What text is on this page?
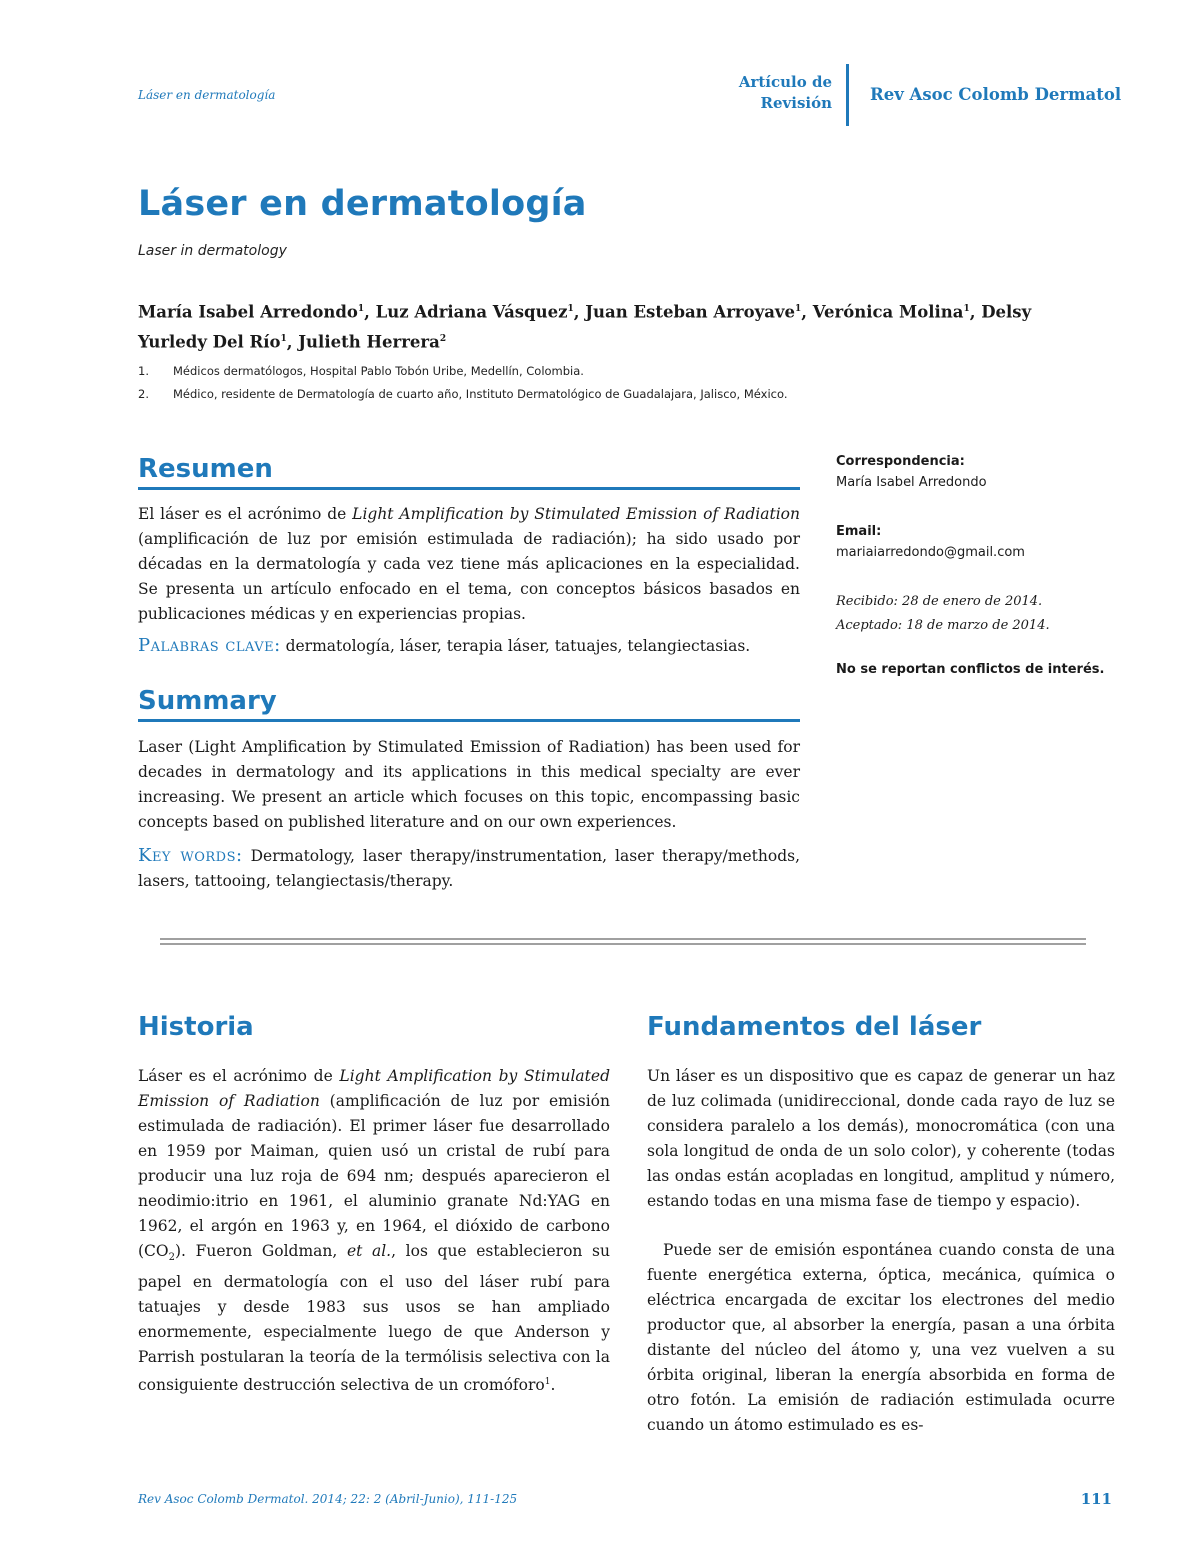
Láser en dermatología
Artículo de
Revisión Rev Asoc Colomb Dermatol
Láser en dermatología
Laser in dermatology
María Isabel Arredondo$^1$, Luz Adriana Vásquez$^1$, Juan Esteban Arroyave$^1$, Verónica Molina$^1$, Delsy Yurledy Del Río$^1$, Julieth Herrera$^2$
1.	Médicos dermatólogos, Hospital Pablo Tobón Uribe, Medellín, Colombia.
2.	Médico, residente de Dermatología de cuarto año, Instituto Dermatológico de Guadalajara, Jalisco, México.
Resumen
El láser es el acrónimo de Light Amplification by Stimulated Emission of Radiation (amplificación de luz por emisión estimulada de radiación); ha sido usado por décadas en la dermatología y cada vez tiene más aplicaciones en la especialidad. Se presenta un artículo enfocado en el tema, con conceptos básicos basados en publicaciones médicas y en experiencias propias.
Palabras clave: dermatología, láser, terapia láser, tatuajes, telangiectasias.
Summary
Laser (Light Amplification by Stimulated Emission of Radiation) has been used for decades in dermatology and its applications in this medical specialty are ever increasing. We present an article which focuses on this topic, encompassing basic concepts based on published literature and on our own experiences.
Key words: Dermatology, laser therapy/instrumentation, laser therapy/methods, lasers, tattooing, telangiectasis/therapy.
Correspondencia:
María Isabel Arredondo
Email:
mariaiarredondo@gmail.com
Recibido: 28 de enero de 2014.
Aceptado: 18 de marzo de 2014.
No se reportan conflictos de interés.
Historia
Láser es el acrónimo de Light Amplification by Stimulated Emission of Radiation (amplificación de luz por emisión estimulada de radiación). El primer láser fue desarrollado en 1959 por Maiman, quien usó un cristal de rubí para producir una luz roja de 694 nm; después aparecieron el neodimio:itrio en 1961, el aluminio granate Nd:YAG en 1962, el argón en 1963 y, en 1964, el dióxido de carbono $(CO_2)$. Fueron Goldman, et al., los que establecieron su papel en dermatología con el uso del láser rubí para tatuajes y desde 1983 sus usos se han ampliado enormemente, especialmente luego de que Anderson y Parrish postularan la teoría de la termólisis selectiva con la consiguiente destrucción selectiva de un cromóforo$^1$.
Fundamentos del láser
Un láser es un dispositivo que es capaz de generar un haz de luz colimada (unidireccional, donde cada rayo de luz se considera paralelo a los demás), monocromática (con una sola longitud de onda de un solo color), y coherente (todas las ondas están acopladas en longitud, amplitud y número, estando todas en una misma fase de tiempo y espacio).
Puede ser de emisión espontánea cuando consta de una fuente energética externa, óptica, mecánica, química o eléctrica encargada de excitar los electrones del medio productor que, al absorber la energía, pasan a una órbita distante del núcleo del átomo y, una vez vuelven a su órbita original, liberan la energía absorbida en forma de otro fotón. La emisión de radiación estimulada ocurre cuando un átomo estimulado es es-
Rev Asoc Colomb Dermatol. 2014; 22: 2 (Abril-Junio), 111-125	111
